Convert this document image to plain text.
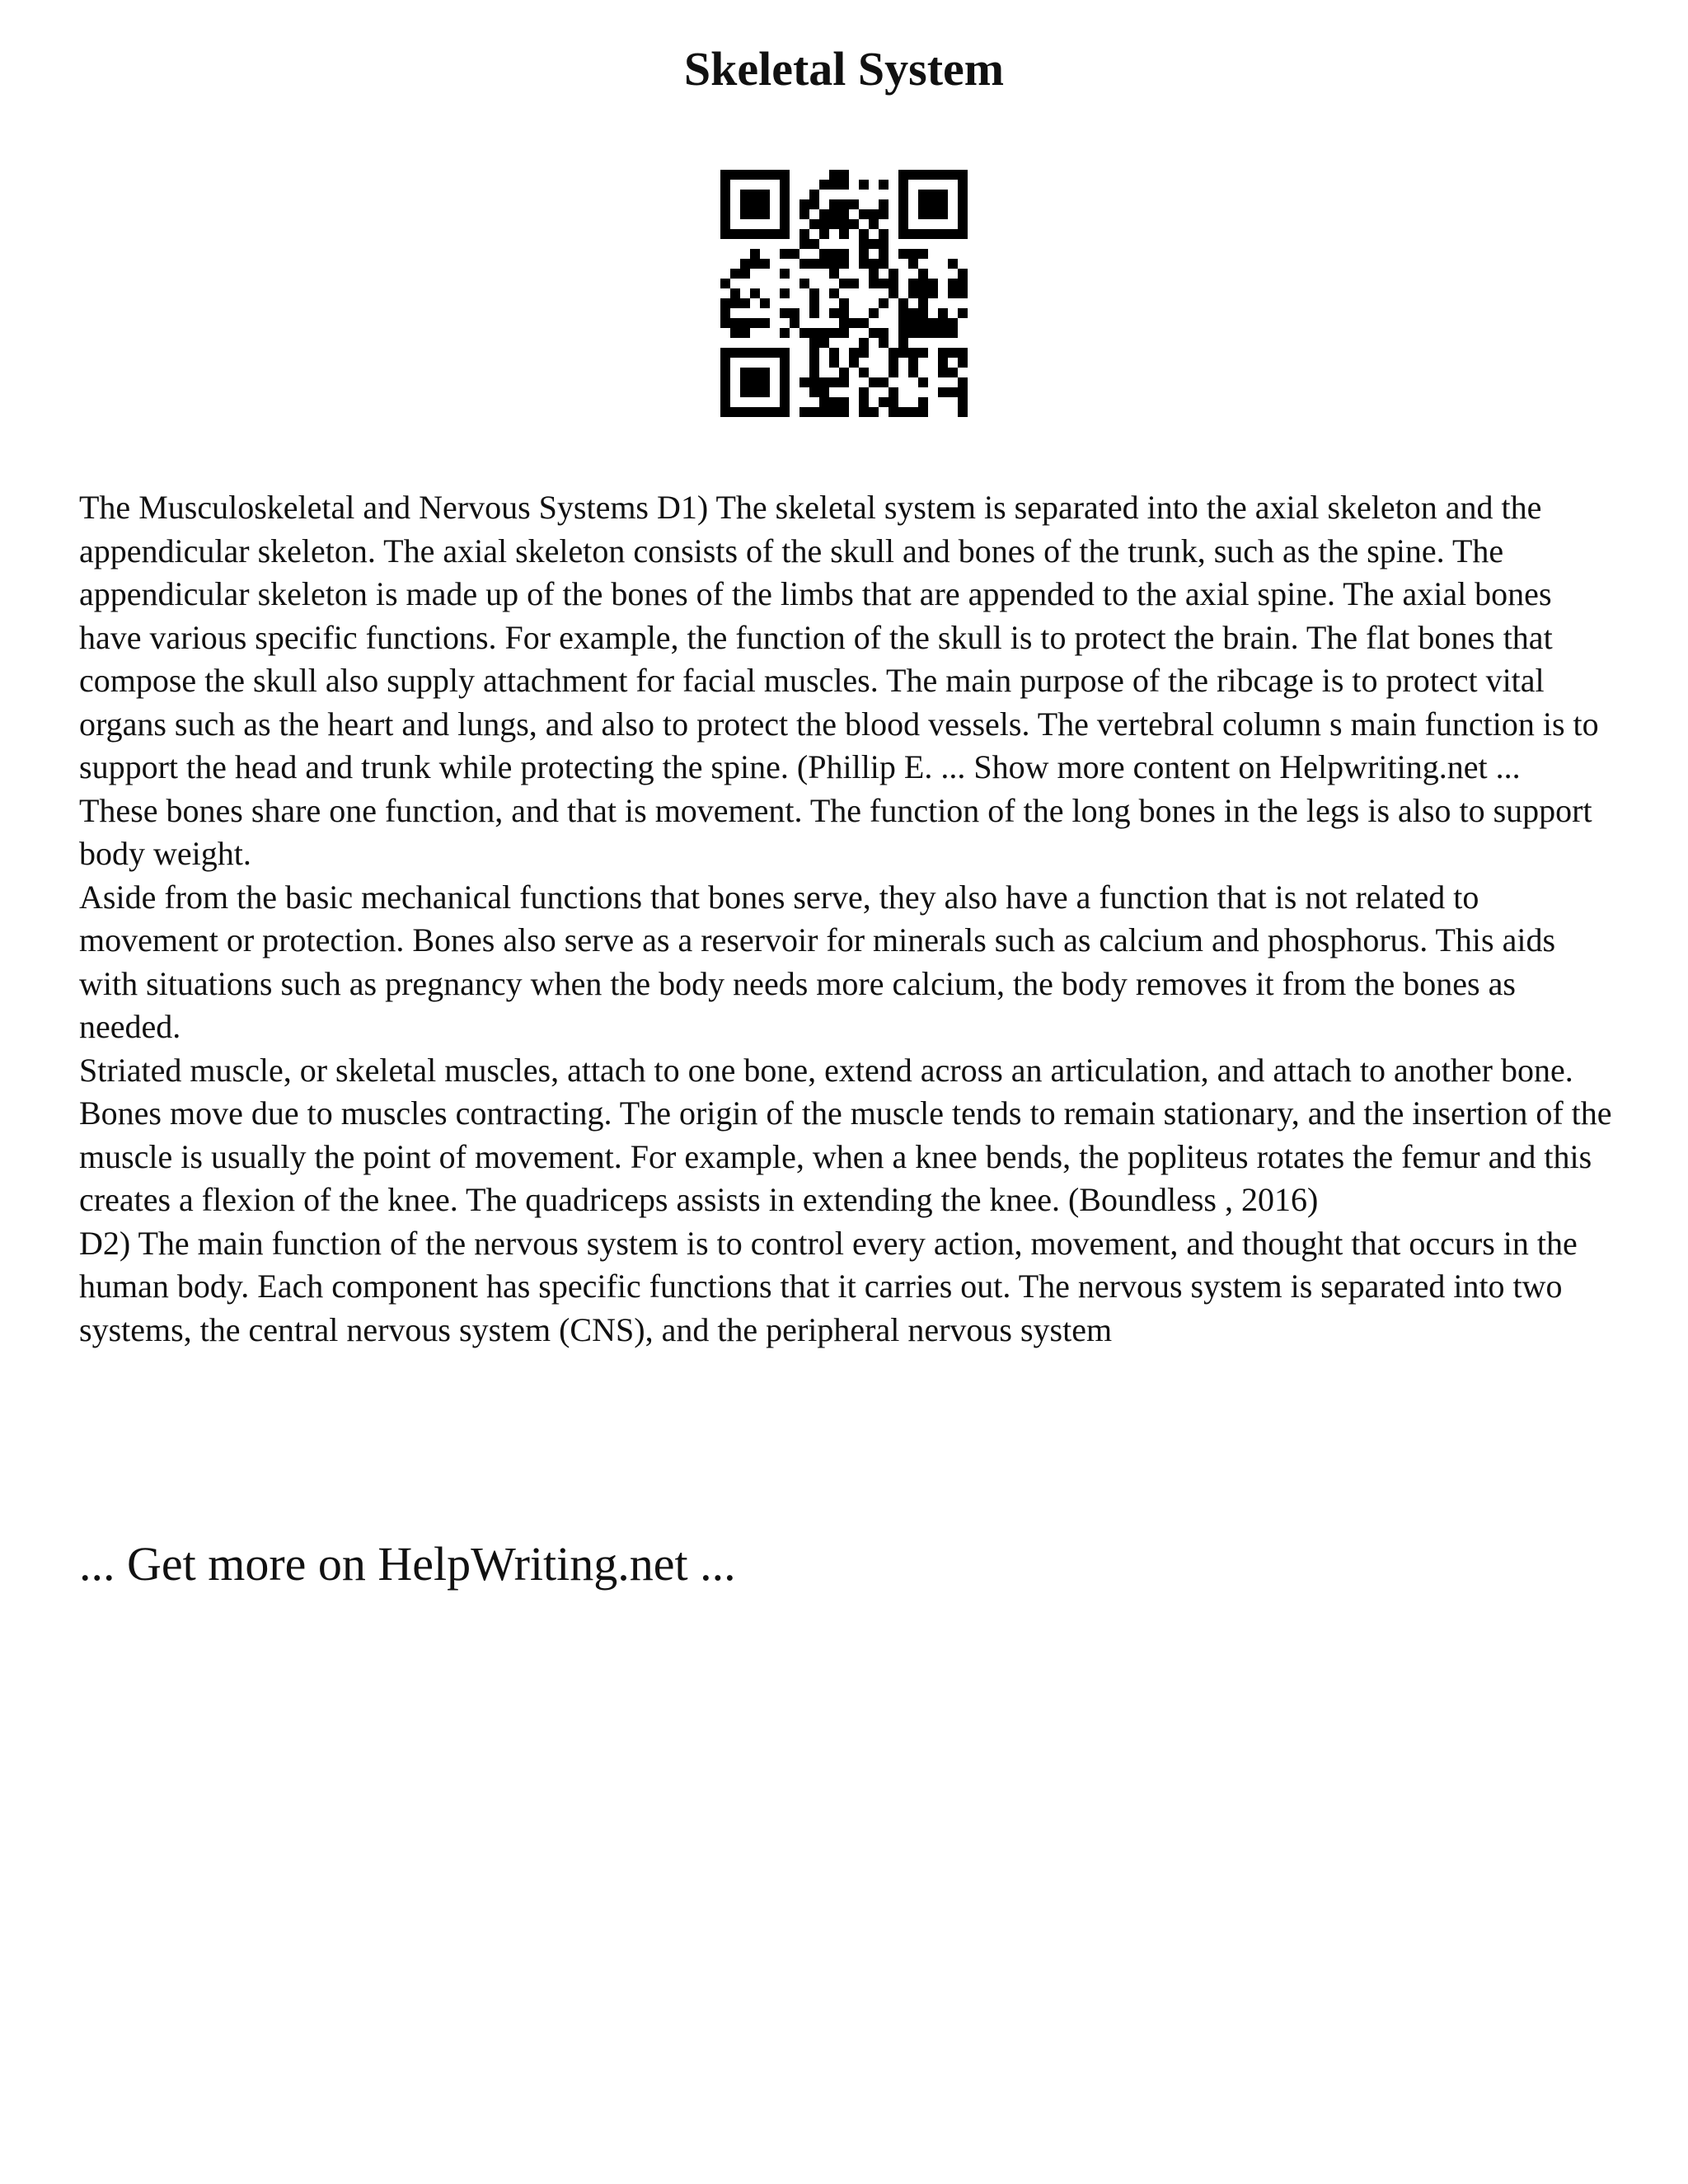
Skeletal System

The Musculoskeletal and Nervous Systems D1) The skeletal system is separated into the axial skeleton and the appendicular skeleton. The axial skeleton consists of the skull and bones of the trunk, such as the spine. The appendicular skeleton is made up of the bones of the limbs that are appended to the axial spine. The axial bones have various specific functions. For example, the function of the skull is to protect the brain. The flat bones that compose the skull also supply attachment for facial muscles. The main purpose of the ribcage is to protect vital organs such as the heart and lungs, and also to protect the blood vessels. The vertebral column s main function is to support the head and trunk while protecting the spine. (Phillip E. ... Show more content on Helpwriting.net ...

These bones share one function, and that is movement. The function of the long bones in the legs is also to support body weight.

Aside from the basic mechanical functions that bones serve, they also have a function that is not related to movement or protection. Bones also serve as a reservoir for minerals such as calcium and phosphorus. This aids with situations such as pregnancy when the body needs more calcium, the body removes it from the bones as needed.

Striated muscle, or skeletal muscles, attach to one bone, extend across an articulation, and attach to another bone. Bones move due to muscles contracting. The origin of the muscle tends to remain stationary, and the insertion of the muscle is usually the point of movement. For example, when a knee bends, the popliteus rotates the femur and this creates a flexion of the knee. The quadriceps assists in extending the knee. (Boundless , 2016)

D2) The main function of the nervous system is to control every action, movement, and thought that occurs in the human body. Each component has specific functions that it carries out. The nervous system is separated into two systems, the central nervous system (CNS), and the peripheral nervous system

... Get more on HelpWriting.net ...
